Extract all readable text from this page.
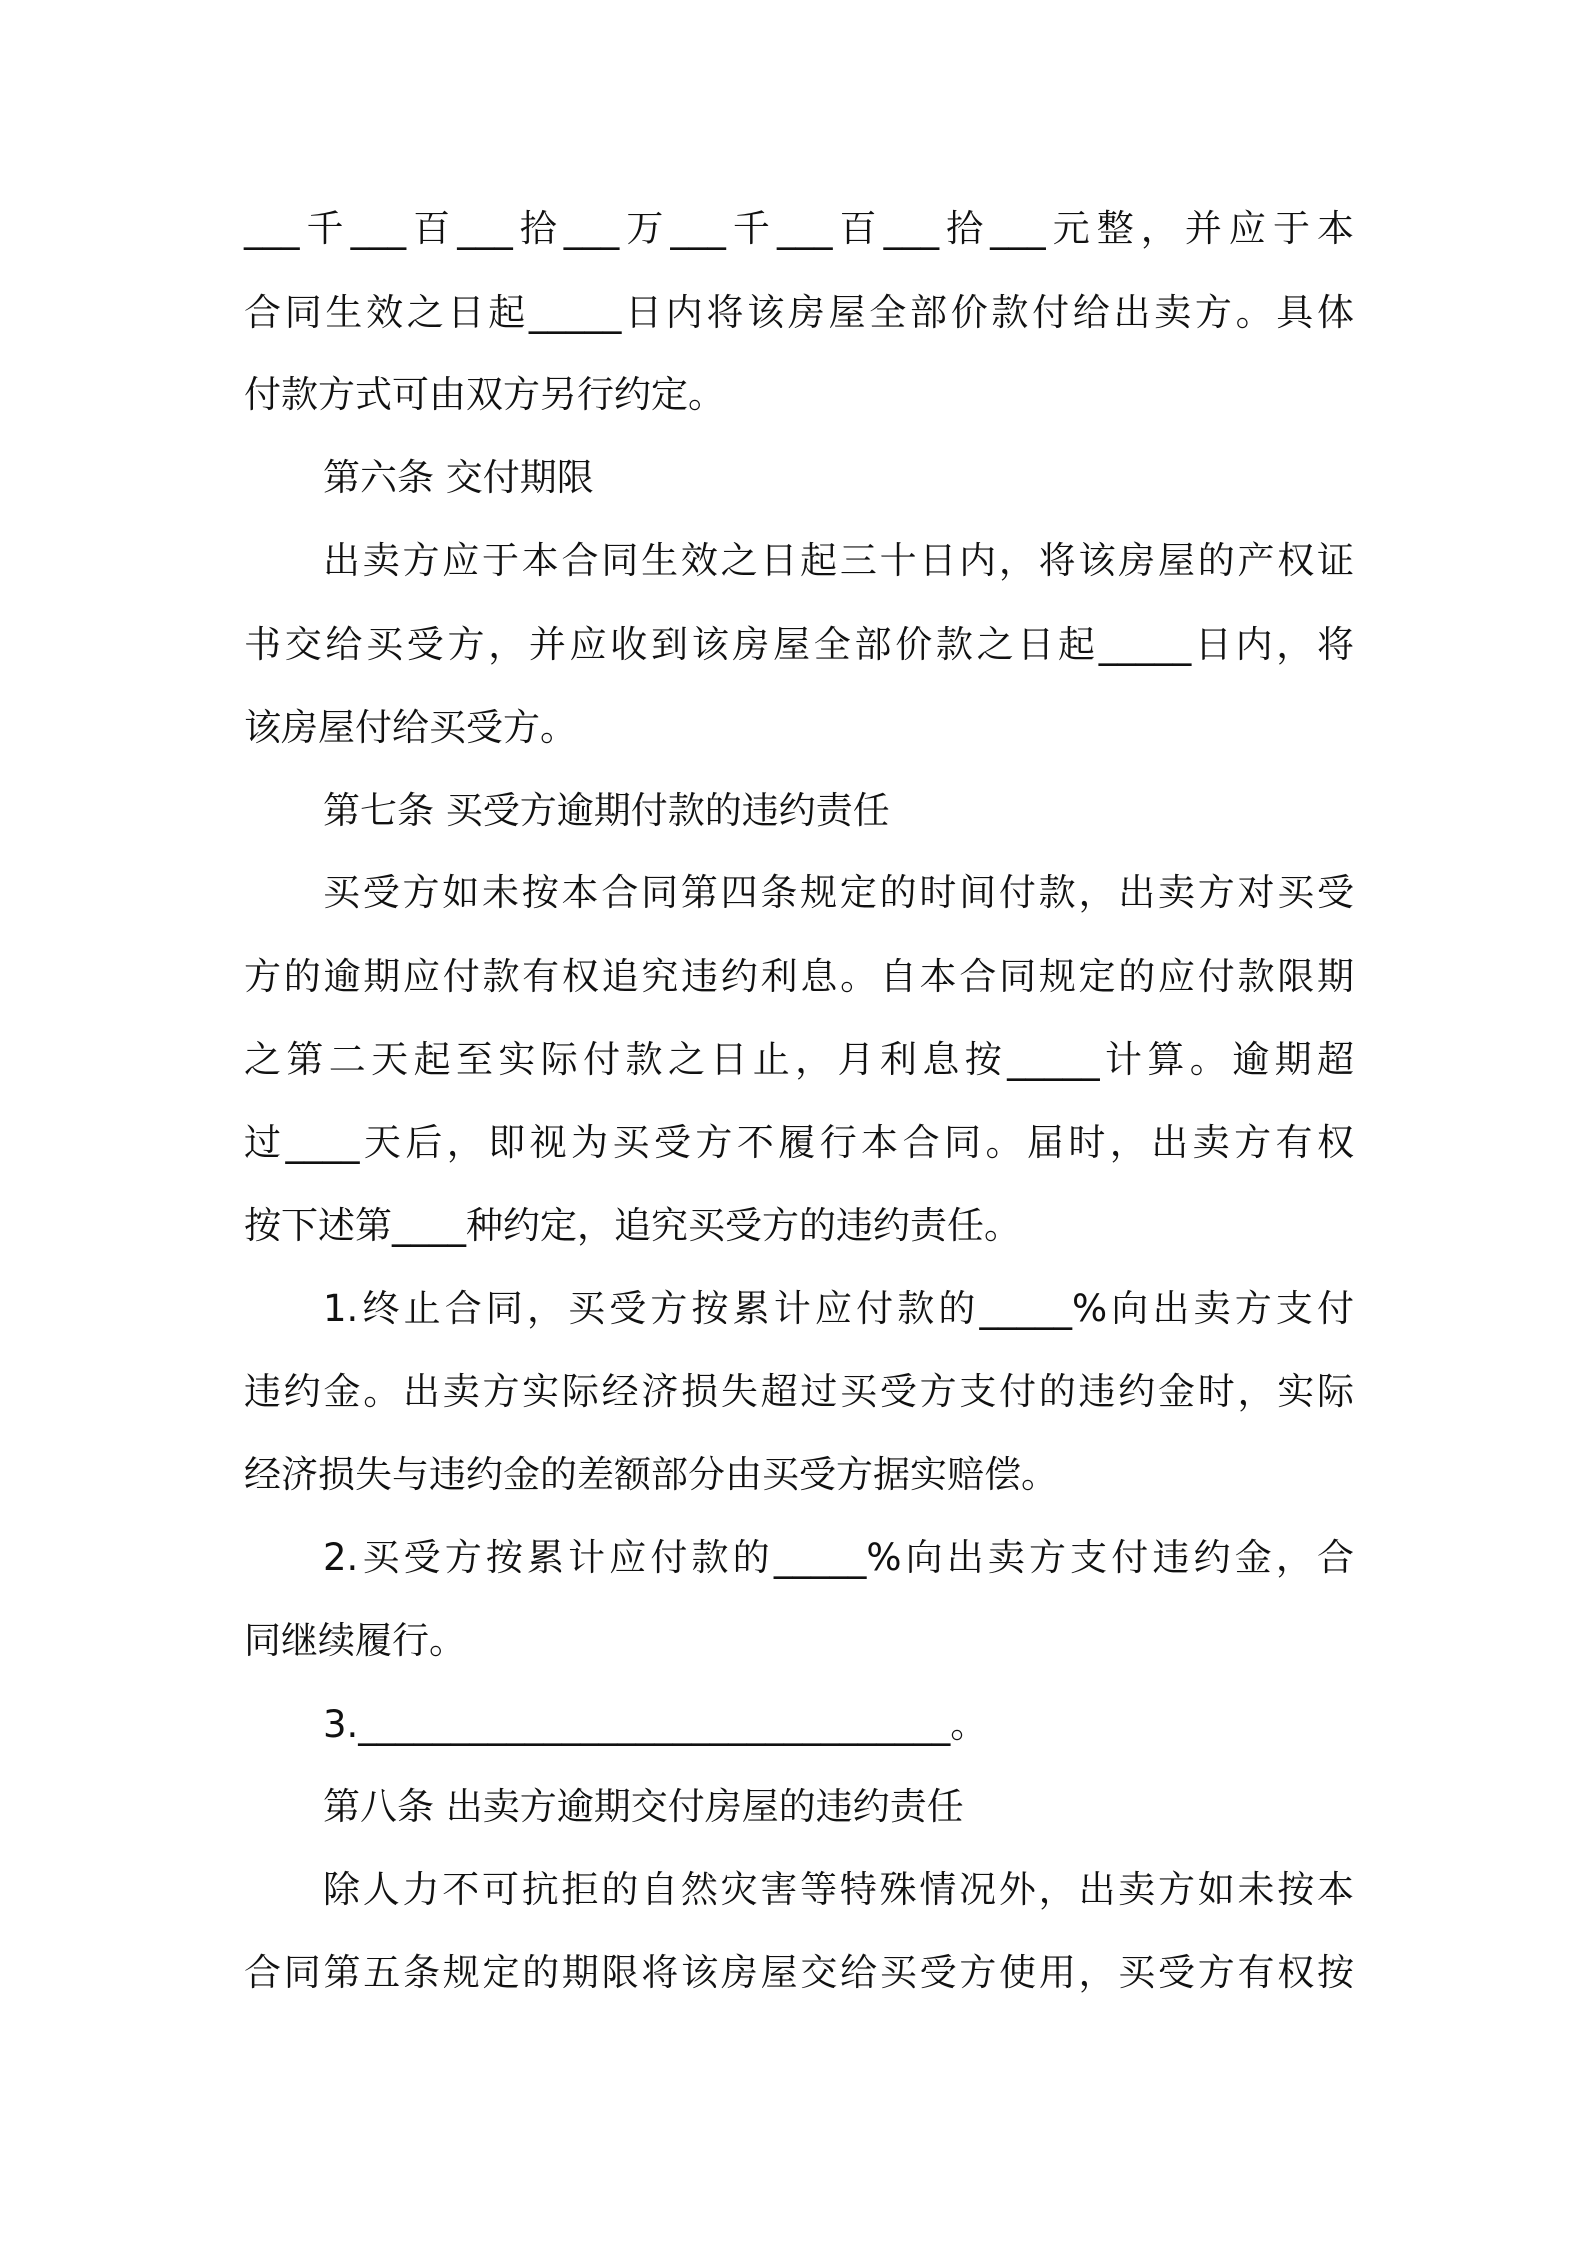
___千___百___拾___万___千___百___拾___元整，并应于本
合同生效之日起_____日内将该房屋全部价款付给出卖方。具体
付款方式可由双方另行约定。
第六条 交付期限
出卖方应于本合同生效之日起三十日内，将该房屋的产权证
书交给买受方，并应收到该房屋全部价款之日起_____日内，将
该房屋付给买受方。
第七条 买受方逾期付款的违约责任
买受方如未按本合同第四条规定的时间付款，出卖方对买受
方的逾期应付款有权追究违约利息。自本合同规定的应付款限期
之第二天起至实际付款之日止，月利息按_____计算。逾期超
过____天后，即视为买受方不履行本合同。届时，出卖方有权
按下述第____种约定，追究买受方的违约责任。
1.终止合同，买受方按累计应付款的_____%向出卖方支付
违约金。出卖方实际经济损失超过买受方支付的违约金时，实际
经济损失与违约金的差额部分由买受方据实赔偿。
2.买受方按累计应付款的_____%向出卖方支付违约金，合
同继续履行。
3.________________________________。
第八条 出卖方逾期交付房屋的违约责任
除人力不可抗拒的自然灾害等特殊情况外，出卖方如未按本
合同第五条规定的期限将该房屋交给买受方使用，买受方有权按
